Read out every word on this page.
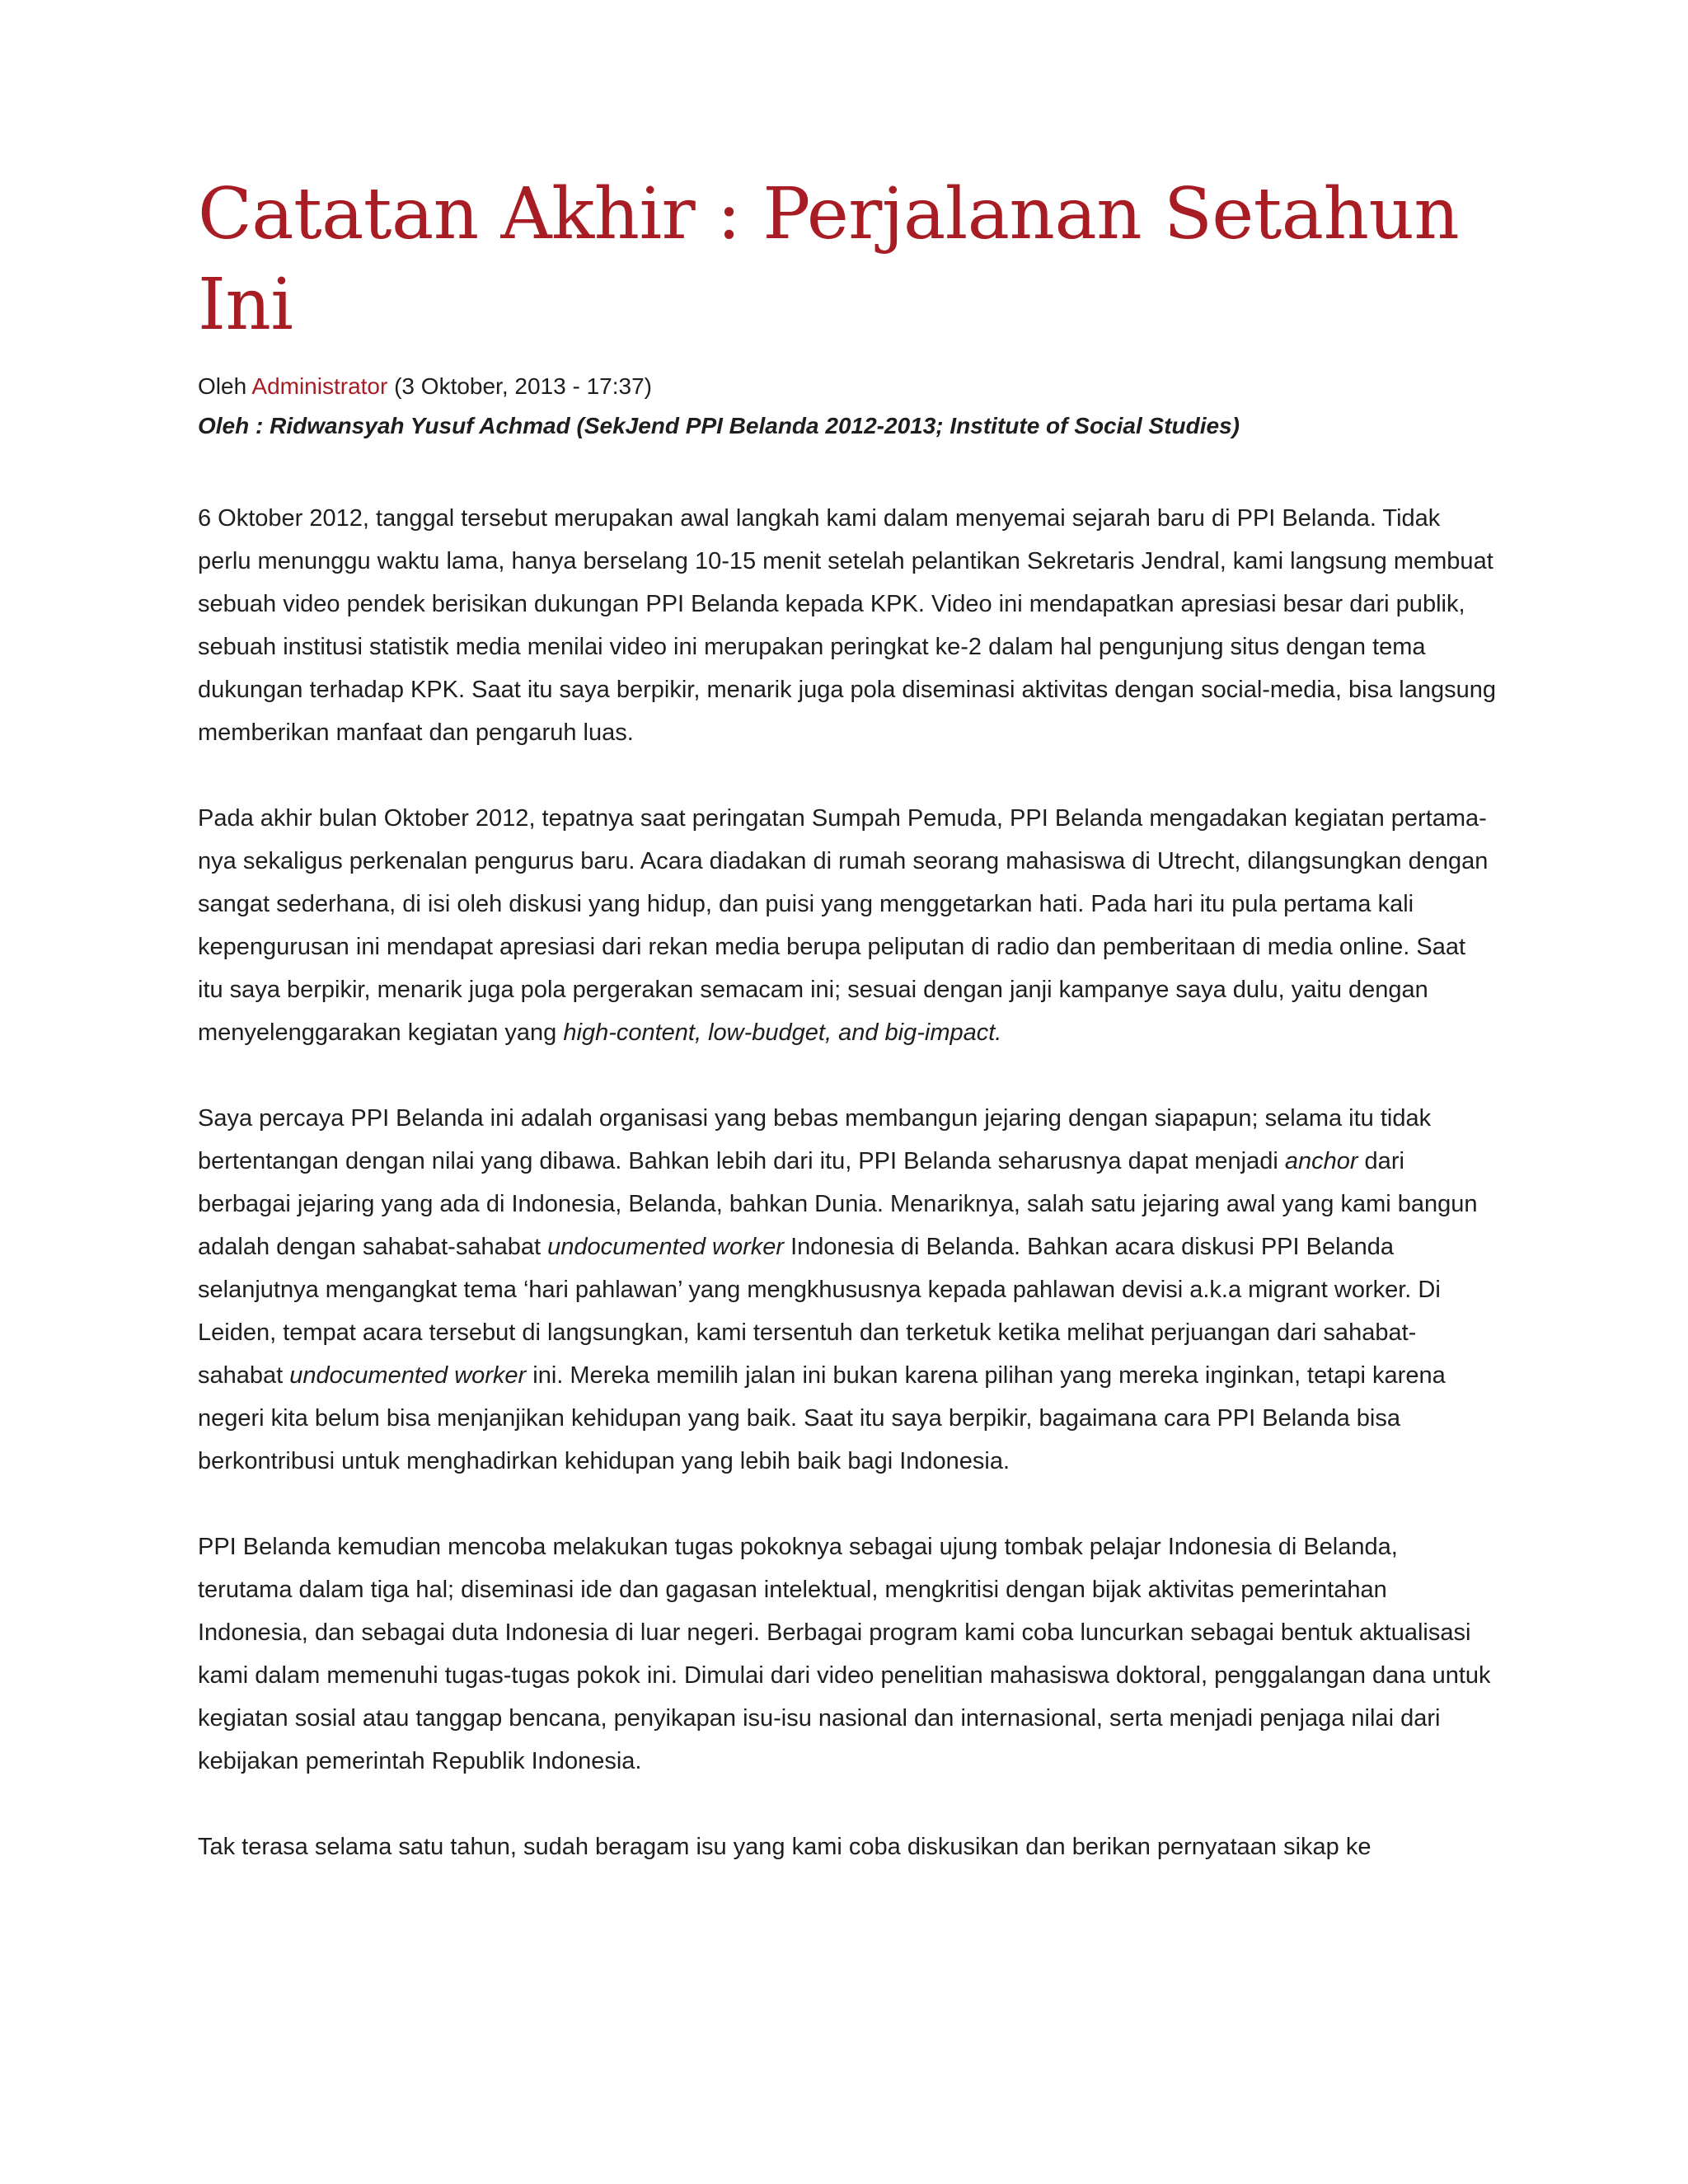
Catatan Akhir : Perjalanan Setahun Ini
Oleh Administrator (3 Oktober, 2013 - 17:37)
Oleh : Ridwansyah Yusuf Achmad (SekJend PPI Belanda 2012-2013; Institute of Social Studies)

6 Oktober 2012, tanggal tersebut merupakan awal langkah kami dalam menyemai sejarah baru di PPI Belanda. Tidak perlu menunggu waktu lama, hanya berselang 10-15 menit setelah pelantikan Sekretaris Jendral, kami langsung membuat sebuah video pendek berisikan dukungan PPI Belanda kepada KPK. Video ini mendapatkan apresiasi besar dari publik, sebuah institusi statistik media menilai video ini merupakan peringkat ke-2 dalam hal pengunjung situs dengan tema dukungan terhadap KPK. Saat itu saya berpikir, menarik juga pola diseminasi aktivitas dengan social-media, bisa langsung memberikan manfaat dan pengaruh luas.

Pada akhir bulan Oktober 2012, tepatnya saat peringatan Sumpah Pemuda, PPI Belanda mengadakan kegiatan pertama-nya sekaligus perkenalan pengurus baru. Acara diadakan di rumah seorang mahasiswa di Utrecht, dilangsungkan dengan sangat sederhana, di isi oleh diskusi yang hidup, dan puisi yang menggetarkan hati. Pada hari itu pula pertama kali kepengurusan ini mendapat apresiasi dari rekan media berupa peliputan di radio dan pemberitaan di media online. Saat itu saya berpikir, menarik juga pola pergerakan semacam ini; sesuai dengan janji kampanye saya dulu, yaitu dengan menyelenggarakan kegiatan yang high-content, low-budget, and big-impact.

Saya percaya PPI Belanda ini adalah organisasi yang bebas membangun jejaring dengan siapapun; selama itu tidak bertentangan dengan nilai yang dibawa. Bahkan lebih dari itu, PPI Belanda seharusnya dapat menjadi anchor dari berbagai jejaring yang ada di Indonesia, Belanda, bahkan Dunia. Menariknya, salah satu jejaring awal yang kami bangun adalah dengan sahabat-sahabat undocumented worker Indonesia di Belanda. Bahkan acara diskusi PPI Belanda selanjutnya mengangkat tema ‘hari pahlawan’ yang mengkhususnya kepada pahlawan devisi a.k.a migrant worker. Di Leiden, tempat acara tersebut di langsungkan, kami tersentuh dan terketuk ketika melihat perjuangan dari sahabat-sahabat undocumented worker ini. Mereka memilih jalan ini bukan karena pilihan yang mereka inginkan, tetapi karena negeri kita belum bisa menjanjikan kehidupan yang baik. Saat itu saya berpikir, bagaimana cara PPI Belanda bisa berkontribusi untuk menghadirkan kehidupan yang lebih baik bagi Indonesia.

PPI Belanda kemudian mencoba melakukan tugas pokoknya sebagai ujung tombak pelajar Indonesia di Belanda, terutama dalam tiga hal; diseminasi ide dan gagasan intelektual, mengkritisi dengan bijak aktivitas pemerintahan Indonesia, dan sebagai duta Indonesia di luar negeri. Berbagai program kami coba luncurkan sebagai bentuk aktualisasi kami dalam memenuhi tugas-tugas pokok ini. Dimulai dari video penelitian mahasiswa doktoral, penggalangan dana untuk kegiatan sosial atau tanggap bencana, penyikapan isu-isu nasional dan internasional, serta menjadi penjaga nilai dari kebijakan pemerintah Republik Indonesia.

Tak terasa selama satu tahun, sudah beragam isu yang kami coba diskusikan dan berikan pernyataan sikap ke
